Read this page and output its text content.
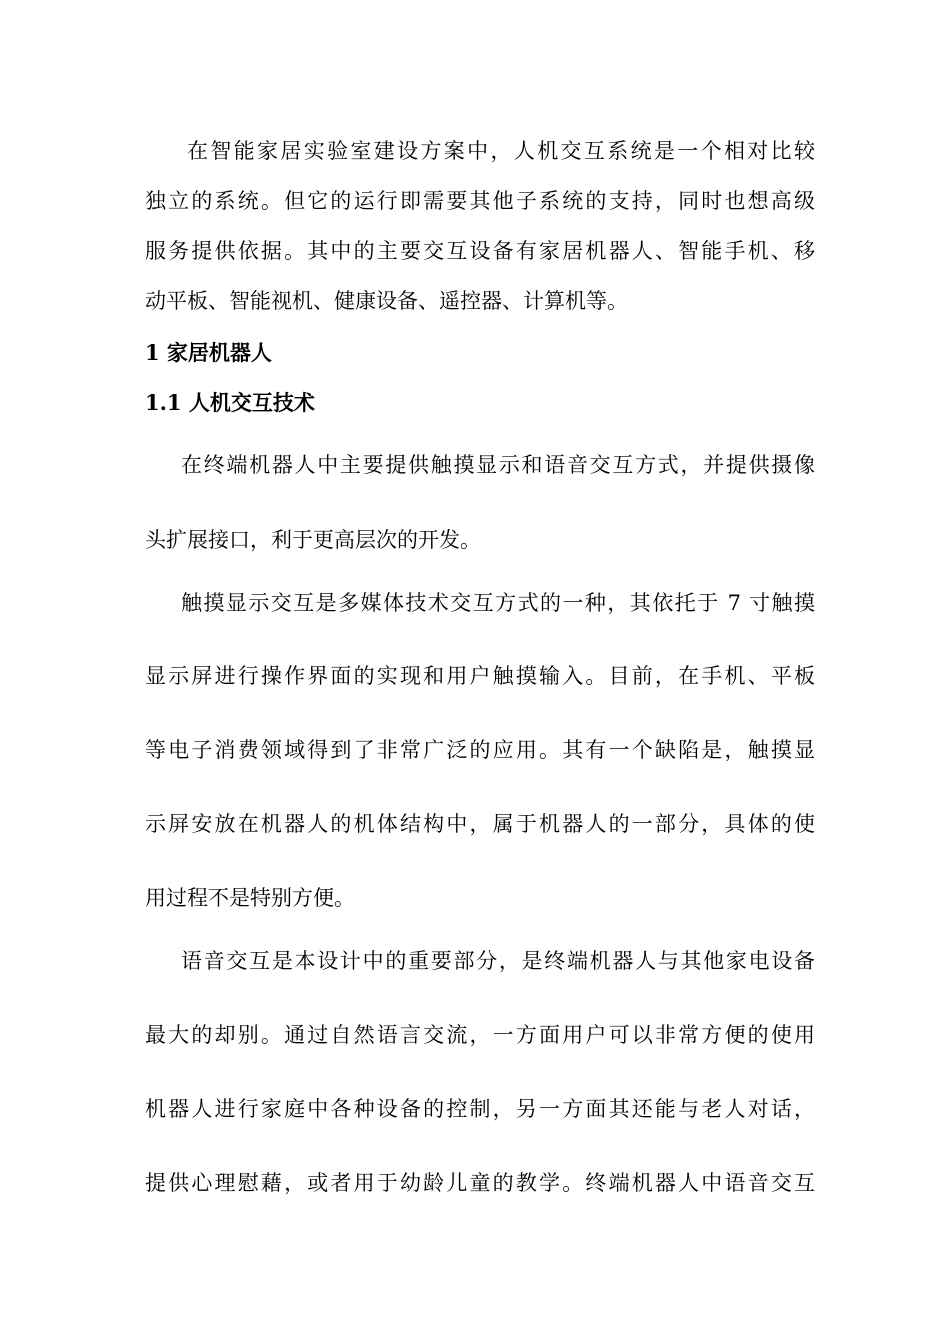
在智能家居实验室建设方案中，人机交互系统是一个相对比较
独立的系统。但它的运行即需要其他子系统的支持，同时也想高级
服务提供依据。其中的主要交互设备有家居机器人、智能手机、移
动平板、智能视机、健康设备、遥控器、计算机等。
1 家居机器人
1.1 人机交互技术
在终端机器人中主要提供触摸显示和语音交互方式，并提供摄像
头扩展接口，利于更高层次的开发。
触摸显示交互是多媒体技术交互方式的一种，其依托于 7 寸触摸
显示屏进行操作界面的实现和用户触摸输入。目前，在手机、平板
等电子消费领域得到了非常广泛的应用。其有一个缺陷是，触摸显
示屏安放在机器人的机体结构中，属于机器人的一部分，具体的使
用过程不是特别方便。
语音交互是本设计中的重要部分，是终端机器人与其他家电设备
最大的却别。通过自然语言交流，一方面用户可以非常方便的使用
机器人进行家庭中各种设备的控制，另一方面其还能与老人对话，
提供心理慰藉，或者用于幼龄儿童的教学。终端机器人中语音交互
